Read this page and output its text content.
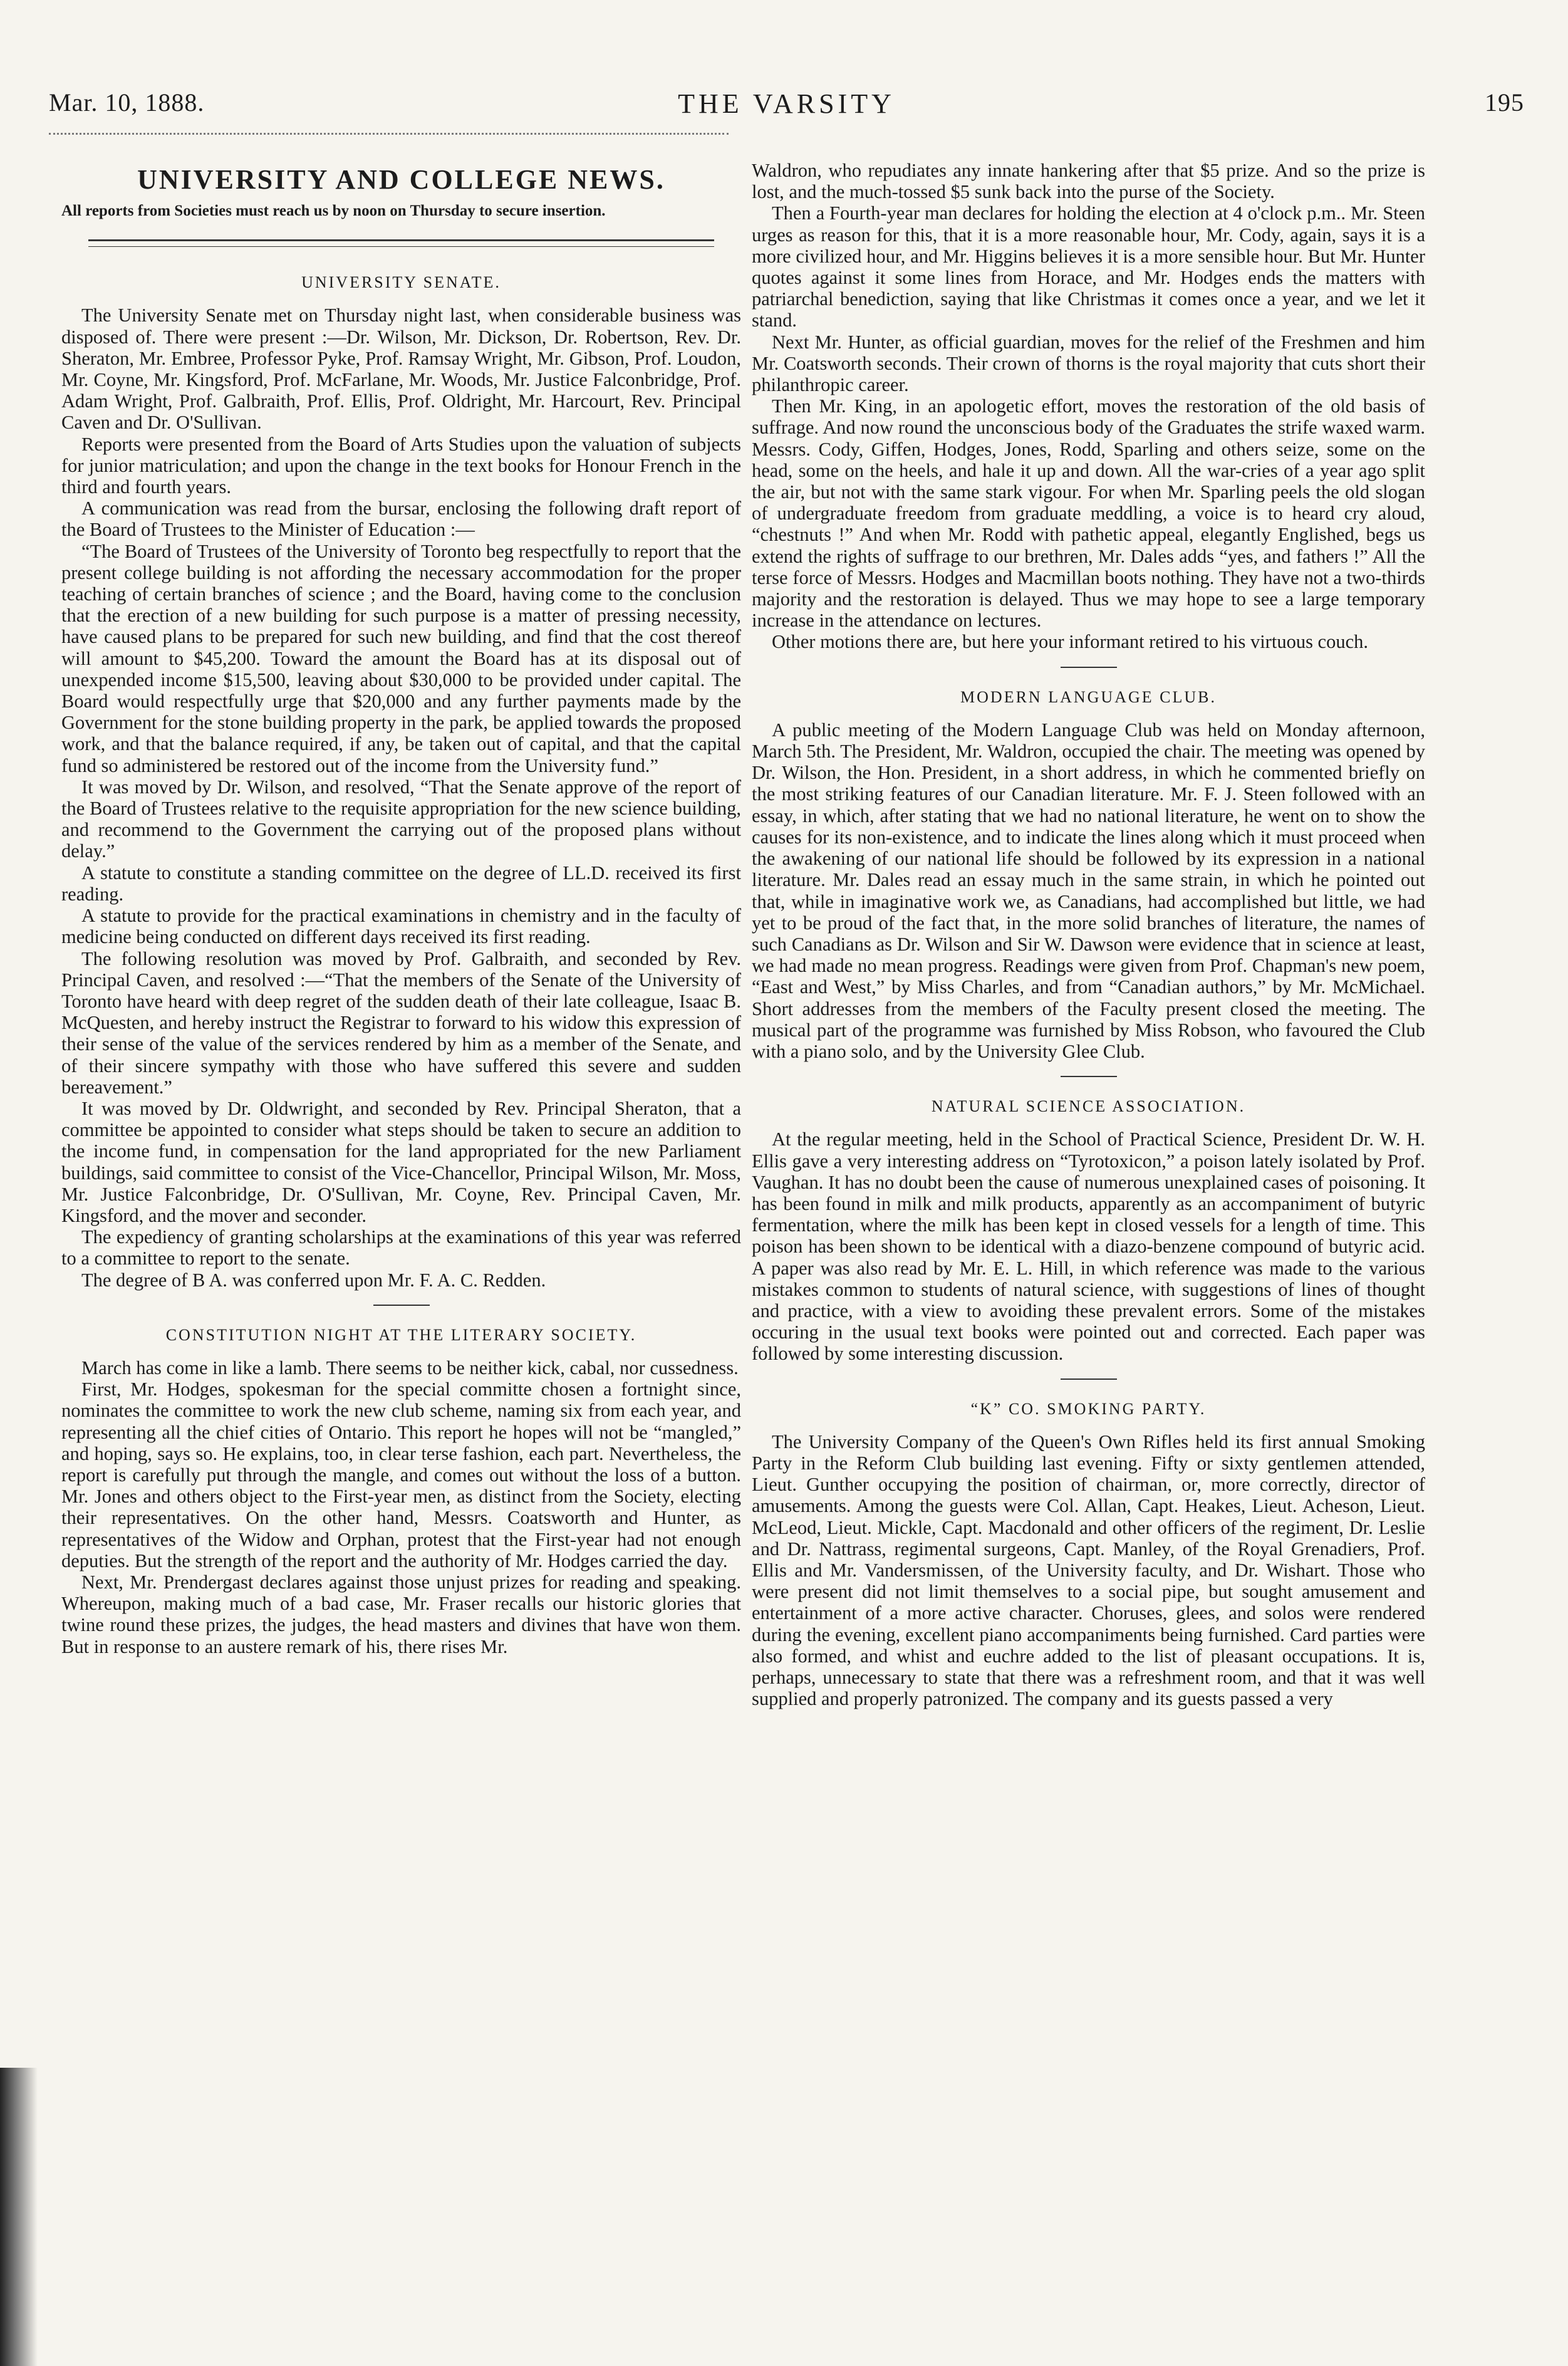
Mar. 10, 1888.	THE VARSITY	195
UNIVERSITY AND COLLEGE NEWS.

All reports from Societies must reach us by noon on Thursday to secure insertion.

UNIVERSITY SENATE.

The University Senate met on Thursday night last, when considerable business was disposed of. There were present :—Dr. Wilson, Mr. Dickson, Dr. Robertson, Rev. Dr. Sheraton, Mr. Embree, Professor Pyke, Prof. Ramsay Wright, Mr. Gibson, Prof. Loudon, Mr. Coyne, Mr. Kingsford, Prof. McFarlane, Mr. Woods, Mr. Justice Falconbridge, Prof. Adam Wright, Prof. Galbraith, Prof. Ellis, Prof. Oldright, Mr. Harcourt, Rev. Principal Caven and Dr. O'Sullivan.

Reports were presented from the Board of Arts Studies upon the valuation of subjects for junior matriculation; and upon the change in the text books for Honour French in the third and fourth years.

A communication was read from the bursar, enclosing the following draft report of the Board of Trustees to the Minister of Education :—

“The Board of Trustees of the University of Toronto beg respectfully to report that the present college building is not affording the necessary accommodation for the proper teaching of certain branches of science ; and the Board, having come to the conclusion that the erection of a new building for such purpose is a matter of pressing necessity, have caused plans to be prepared for such new building, and find that the cost thereof will amount to $45,200. Toward the amount the Board has at its disposal out of unexpended income $15,500, leaving about $30,000 to be provided under capital. The Board would respectfully urge that $20,000 and any further payments made by the Government for the stone building property in the park, be applied towards the proposed work, and that the balance required, if any, be taken out of capital, and that the capital fund so administered be restored out of the income from the University fund.”

It was moved by Dr. Wilson, and resolved, “That the Senate approve of the report of the Board of Trustees relative to the requisite appropriation for the new science building, and recommend to the Government the carrying out of the proposed plans without delay.”

A statute to constitute a standing committee on the degree of LL.D. received its first reading.

A statute to provide for the practical examinations in chemistry and in the faculty of medicine being conducted on different days received its first reading.

The following resolution was moved by Prof. Galbraith, and seconded by Rev. Principal Caven, and resolved :—“That the members of the Senate of the University of Toronto have heard with deep regret of the sudden death of their late colleague, Isaac B. McQuesten, and hereby instruct the Registrar to forward to his widow this expression of their sense of the value of the services rendered by him as a member of the Senate, and of their sincere sympathy with those who have suffered this severe and sudden bereavement.”

It was moved by Dr. Oldwright, and seconded by Rev. Principal Sheraton, that a committee be appointed to consider what steps should be taken to secure an addition to the income fund, in compensation for the land appropriated for the new Parliament buildings, said committee to consist of the Vice-Chancellor, Principal Wilson, Mr. Moss, Mr. Justice Falconbridge, Dr. O'Sullivan, Mr. Coyne, Rev. Principal Caven, Mr. Kingsford, and the mover and seconder.

The expediency of granting scholarships at the examinations of this year was referred to a committee to report to the senate.

The degree of B A. was conferred upon Mr. F. A. C. Redden.

CONSTITUTION NIGHT AT THE LITERARY SOCIETY.

March has come in like a lamb. There seems to be neither kick, cabal, nor cussedness.

First, Mr. Hodges, spokesman for the special committe chosen a fortnight since, nominates the committee to work the new club scheme, naming six from each year, and representing all the chief cities of Ontario. This report he hopes will not be “mangled,” and hoping, says so. He explains, too, in clear terse fashion, each part. Nevertheless, the report is carefully put through the mangle, and comes out without the loss of a button. Mr. Jones and others object to the First-year men, as distinct from the Society, electing their representatives. On the other hand, Messrs. Coatsworth and Hunter, as representatives of the Widow and Orphan, protest that the First-year had not enough deputies. But the strength of the report and the authority of Mr. Hodges carried the day.

Next, Mr. Prendergast declares against those unjust prizes for reading and speaking. Whereupon, making much of a bad case, Mr. Fraser recalls our historic glories that twine round these prizes, the judges, the head masters and divines that have won them. But in response to an austere remark of his, there rises Mr.

Waldron, who repudiates any innate hankering after that $5 prize. And so the prize is lost, and the much-tossed $5 sunk back into the purse of the Society.

Then a Fourth-year man declares for holding the election at 4 o'clock p.m.. Mr. Steen urges as reason for this, that it is a more reasonable hour, Mr. Cody, again, says it is a more civilized hour, and Mr. Higgins believes it is a more sensible hour. But Mr. Hunter quotes against it some lines from Horace, and Mr. Hodges ends the matters with patriarchal benediction, saying that like Christmas it comes once a year, and we let it stand.

Next Mr. Hunter, as official guardian, moves for the relief of the Freshmen and him Mr. Coatsworth seconds. Their crown of thorns is the royal majority that cuts short their philanthropic career.

Then Mr. King, in an apologetic effort, moves the restoration of the old basis of suffrage. And now round the unconscious body of the Graduates the strife waxed warm. Messrs. Cody, Giffen, Hodges, Jones, Rodd, Sparling and others seize, some on the head, some on the heels, and hale it up and down. All the war-cries of a year ago split the air, but not with the same stark vigour. For when Mr. Sparling peels the old slogan of undergraduate freedom from graduate meddling, a voice is to heard cry aloud, “chestnuts !” And when Mr. Rodd with pathetic appeal, elegantly Englished, begs us extend the rights of suffrage to our brethren, Mr. Dales adds “yes, and fathers !” All the terse force of Messrs. Hodges and Macmillan boots nothing. They have not a two-thirds majority and the restoration is delayed. Thus we may hope to see a large temporary increase in the attendance on lectures.

Other motions there are, but here your informant retired to his virtuous couch.

MODERN LANGUAGE CLUB.

A public meeting of the Modern Language Club was held on Monday afternoon, March 5th. The President, Mr. Waldron, occupied the chair. The meeting was opened by Dr. Wilson, the Hon. President, in a short address, in which he commented briefly on the most striking features of our Canadian literature. Mr. F. J. Steen followed with an essay, in which, after stating that we had no national literature, he went on to show the causes for its non-existence, and to indicate the lines along which it must proceed when the awakening of our national life should be followed by its expression in a national literature. Mr. Dales read an essay much in the same strain, in which he pointed out that, while in imaginative work we, as Canadians, had accomplished but little, we had yet to be proud of the fact that, in the more solid branches of literature, the names of such Canadians as Dr. Wilson and Sir W. Dawson were evidence that in science at least, we had made no mean progress. Readings were given from Prof. Chapman's new poem, “East and West,” by Miss Charles, and from “Canadian authors,” by Mr. McMichael. Short addresses from the members of the Faculty present closed the meeting. The musical part of the programme was furnished by Miss Robson, who favoured the Club with a piano solo, and by the University Glee Club.

NATURAL SCIENCE ASSOCIATION.

At the regular meeting, held in the School of Practical Science, President Dr. W. H. Ellis gave a very interesting address on “Tyrotoxicon,” a poison lately isolated by Prof. Vaughan. It has no doubt been the cause of numerous unexplained cases of poisoning. It has been found in milk and milk products, apparently as an accompaniment of butyric fermentation, where the milk has been kept in closed vessels for a length of time. This poison has been shown to be identical with a diazo-benzene compound of butyric acid. A paper was also read by Mr. E. L. Hill, in which reference was made to the various mistakes common to students of natural science, with suggestions of lines of thought and practice, with a view to avoiding these prevalent errors. Some of the mistakes occuring in the usual text books were pointed out and corrected. Each paper was followed by some interesting discussion.

“K” CO. SMOKING PARTY.

The University Company of the Queen's Own Rifles held its first annual Smoking Party in the Reform Club building last evening. Fifty or sixty gentlemen attended, Lieut. Gunther occupying the position of chairman, or, more correctly, director of amusements. Among the guests were Col. Allan, Capt. Heakes, Lieut. Acheson, Lieut. McLeod, Lieut. Mickle, Capt. Macdonald and other officers of the regiment, Dr. Leslie and Dr. Nattrass, regimental surgeons, Capt. Manley, of the Royal Grenadiers, Prof. Ellis and Mr. Vandersmissen, of the University faculty, and Dr. Wishart. Those who were present did not limit themselves to a social pipe, but sought amusement and entertainment of a more active character. Choruses, glees, and solos were rendered during the evening, excellent piano accompaniments being furnished. Card parties were also formed, and whist and euchre added to the list of pleasant occupations. It is, perhaps, unnecessary to state that there was a refreshment room, and that it was well supplied and properly patronized. The company and its guests passed a very
